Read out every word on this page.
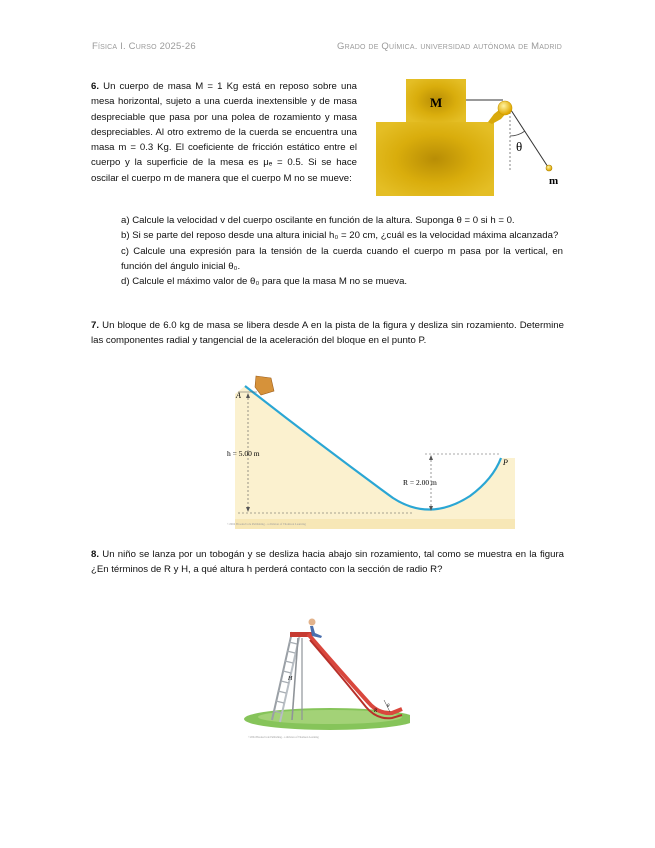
Física I. Curso 2025-26	Grado de Química. universidad autónoma de Madrid
6. Un cuerpo de masa M = 1 Kg está en reposo sobre una mesa horizontal, sujeto a una cuerda inextensible y de masa despreciable que pasa por una polea de rozamiento y masa despreciables. Al otro extremo de la cuerda se encuentra una masa m = 0.3 Kg. El coeficiente de fricción estático entre el cuerpo y la superficie de la mesa es μₑ = 0.5. Si se hace oscilar el cuerpo m de manera que el cuerpo M no se mueve:
M
θ
m
a) Calcule la velocidad v del cuerpo oscilante en función de la altura. Suponga θ = 0 si h = 0.
b) Si se parte del reposo desde una altura inicial h₀ = 20 cm, ¿cuál es la velocidad máxima alcanzada?
c) Calcule una expresión para la tensión de la cuerda cuando el cuerpo m pasa por la vertical, en función del ángulo inicial θ₀.
d) Calcule el máximo valor de θ₀ para que la masa M no se mueva.
7. Un bloque de 6.0 kg de masa se libera desde A en la pista de la figura y desliza sin rozamiento. Determine las componentes radial y tangencial de la aceleración del bloque en el punto P.
A
P
h = 5.00 m
R = 2.00 m
©2004 Brooks/Cole Publishing - a division of Thomson Learning
8. Un niño se lanza por un tobogán y se desliza hacia abajo sin rozamiento, tal como se muestra en la figura ¿En términos de R y H, a qué altura h perderá contacto con la sección de radio R?
H
R
θ
©2004 Brooks/Cole Publishing - a division of Thomson Learning
